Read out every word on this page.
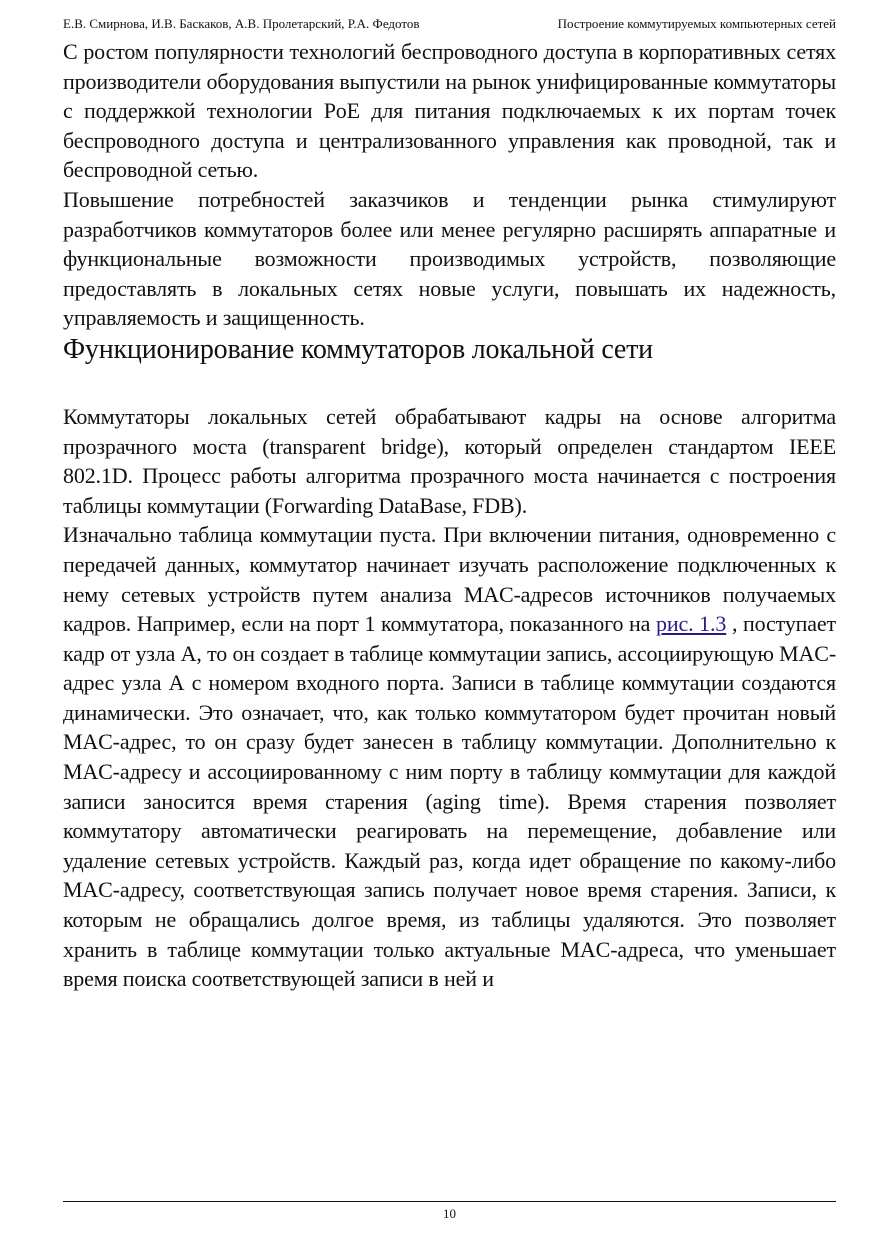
Е.В. Смирнова, И.В. Баскаков, А.В. Пролетарский, Р.А. Федотов	Построение коммутируемых компьютерных сетей

С ростом популярности технологий беспроводного доступа в корпоративных сетях производители оборудования выпустили на рынок унифицированные коммутаторы с поддержкой технологии PoE для питания подключаемых к их портам точек беспроводного доступа и централизованного управления как проводной, так и беспроводной сетью.

Повышение потребностей заказчиков и тенденции рынка стимулируют разработчиков коммутаторов более или менее регулярно расширять аппаратные и функциональные возможности производимых устройств, позволяющие предоставлять в локальных сетях новые услуги, повышать их надежность, управляемость и защищенность.

Функционирование коммутаторов локальной сети

Коммутаторы локальных сетей обрабатывают кадры на основе алгоритма прозрачного моста (transparent bridge), который определен стандартом IEEE 802.1D. Процесс работы алгоритма прозрачного моста начинается с построения таблицы коммутации (Forwarding DataBase, FDB).

Изначально таблица коммутации пуста. При включении питания, одновременно с передачей данных, коммутатор начинает изучать расположение подключенных к нему сетевых устройств путем анализа MAC-адресов источников получаемых кадров. Например, если на порт 1 коммутатора, показанного на рис. 1.3 , поступает кадр от узла А, то он создает в таблице коммутации запись, ассоциирующую MAC-адрес узла А с номером входного порта. Записи в таблице коммутации создаются динамически. Это означает, что, как только коммутатором будет прочитан новый MAC-адрес, то он сразу будет занесен в таблицу коммутации. Дополнительно к MAC-адресу и ассоциированному с ним порту в таблицу коммутации для каждой записи заносится время старения (aging time). Время старения позволяет коммутатору автоматически реагировать на перемещение, добавление или удаление сетевых устройств. Каждый раз, когда идет обращение по какому-либо MAC-адресу, соответствующая запись получает новое время старения. Записи, к которым не обращались долгое время, из таблицы удаляются. Это позволяет хранить в таблице коммутации только актуальные MAC-адреса, что уменьшает время поиска соответствующей записи в ней и

10
